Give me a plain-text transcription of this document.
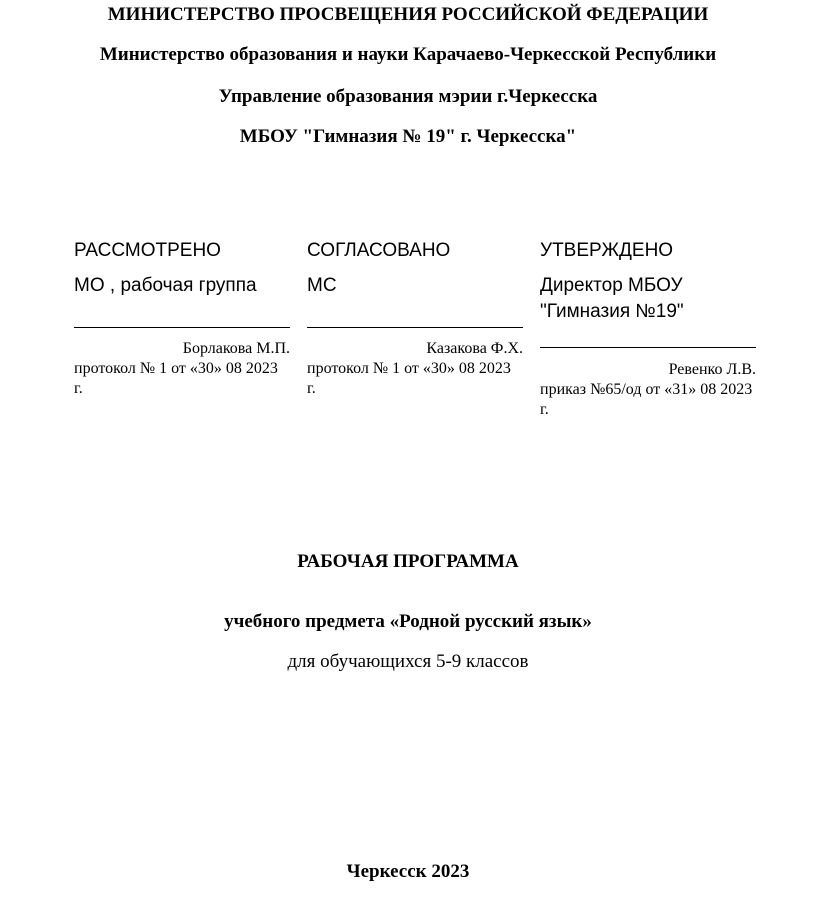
МИНИСТЕРСТВО ПРОСВЕЩЕНИЯ РОССИЙСКОЙ ФЕДЕРАЦИИ
Министерство образования и науки Карачаево-Черкесской Республики
Управление образования мэрии г.Черкесска
МБОУ "Гимназия № 19" г. Черкесска"
РАССМОТРЕНО
МО , рабочая группа
Борлакова М.П.
протокол № 1 от «30» 08 2023 г.
СОГЛАСОВАНО
МС
Казакова Ф.Х.
протокол № 1 от «30» 08 2023 г.
УТВЕРЖДЕНО
Директор МБОУ "Гимназия №19"
Ревенко Л.В.
приказ №65/од от «31» 08 2023 г.
РАБОЧАЯ ПРОГРАММА
учебного предмета «Родной русский язык»
для обучающихся 5-9 классов
Черкесск 2023
